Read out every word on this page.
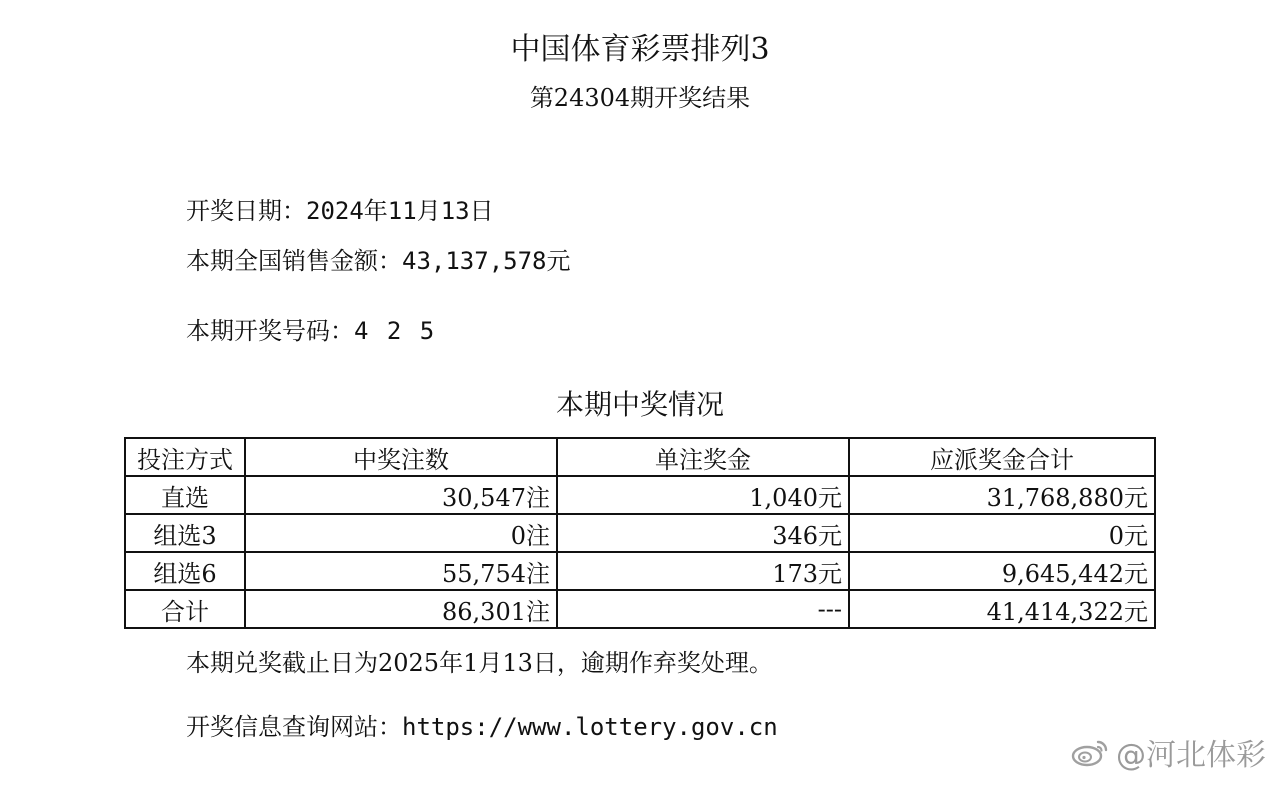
中国体育彩票排列3
第24304期开奖结果
开奖日期：2024年11月13日
本期全国销售金额：43,137,578元
本期开奖号码：4 2 5
本期中奖情况
投注方式	中奖注数	单注奖金	应派奖金合计
直选	30,547注	1,040元	31,768,880元
组选3	0注	346元	0元
组选6	55,754注	173元	9,645,442元
合计	86,301注	---	41,414,322元
本期兑奖截止日为2025年1月13日，逾期作弃奖处理。
开奖信息查询网站：https://www.lottery.gov.cn
@河北体彩
